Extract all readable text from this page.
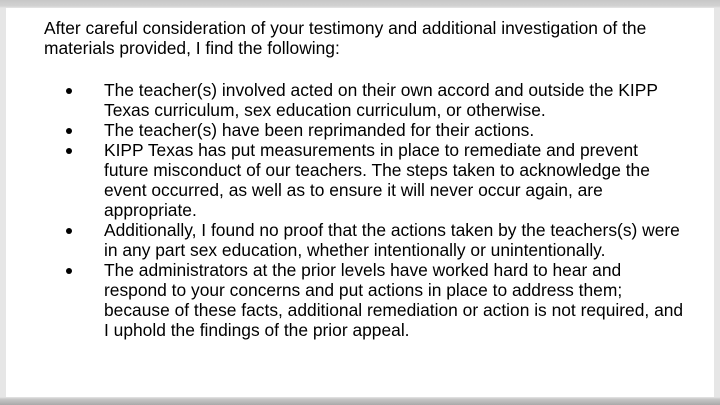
After careful consideration of your testimony and additional investigation of the materials provided, I find the following:

The teacher(s) involved acted on their own accord and outside the KIPP Texas curriculum, sex education curriculum, or otherwise.
The teacher(s) have been reprimanded for their actions.
KIPP Texas has put measurements in place to remediate and prevent future misconduct of our teachers. The steps taken to acknowledge the event occurred, as well as to ensure it will never occur again, are appropriate.
Additionally, I found no proof that the actions taken by the teachers(s) were in any part sex education, whether intentionally or unintentionally.
The administrators at the prior levels have worked hard to hear and respond to your concerns and put actions in place to address them; because of these facts, additional remediation or action is not required, and I uphold the findings of the prior appeal.
